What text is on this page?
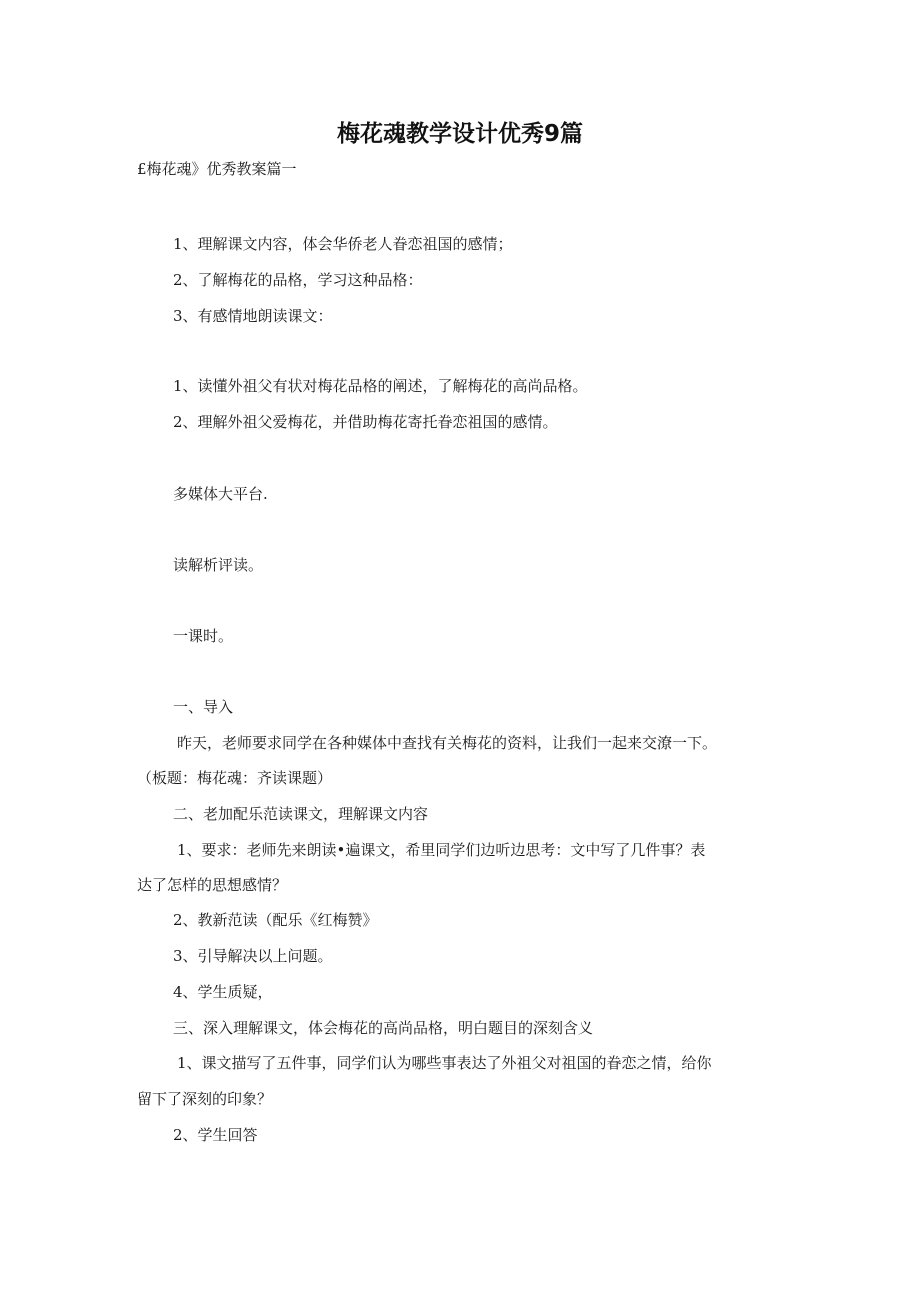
梅花魂教学设计优秀9篇
£梅花魂》优秀教案篇一
1、理解课文内容，体会华侨老人眷恋祖国的感情；
2、了解梅花的品格，学习这种品格：
3、有感情地朗读课文：
1、读懂外祖父有状对梅花品格的阐述，了解梅花的高尚品格。
2、理解外祖父爱梅花，并借助梅花寄托眷恋祖国的感情。
多媒体大平台.
读解析评读。
一课时。
一、导入
昨天，老师要求同学在各种媒体中查找有关梅花的资料，让我们一起来交潦一下。
（板题：梅花魂：齐读课题）
二、老加配乐范读课文，理解课文内容
1、要求：老师先来朗读•遍课文，希里同学们边听边思考：文中写了几件事？表
达了怎样的思想感情？
2、教新范读（配乐《红梅赞》
3、引导解决以上问题。
4、学生质疑，
三、深入理解课文，体会梅花的高尚品格，明白题目的深刻含义
1、课文描写了五件事，同学们认为哪些事表达了外祖父对祖国的眷恋之情，给你
留下了深刻的印象？
2、学生回答
